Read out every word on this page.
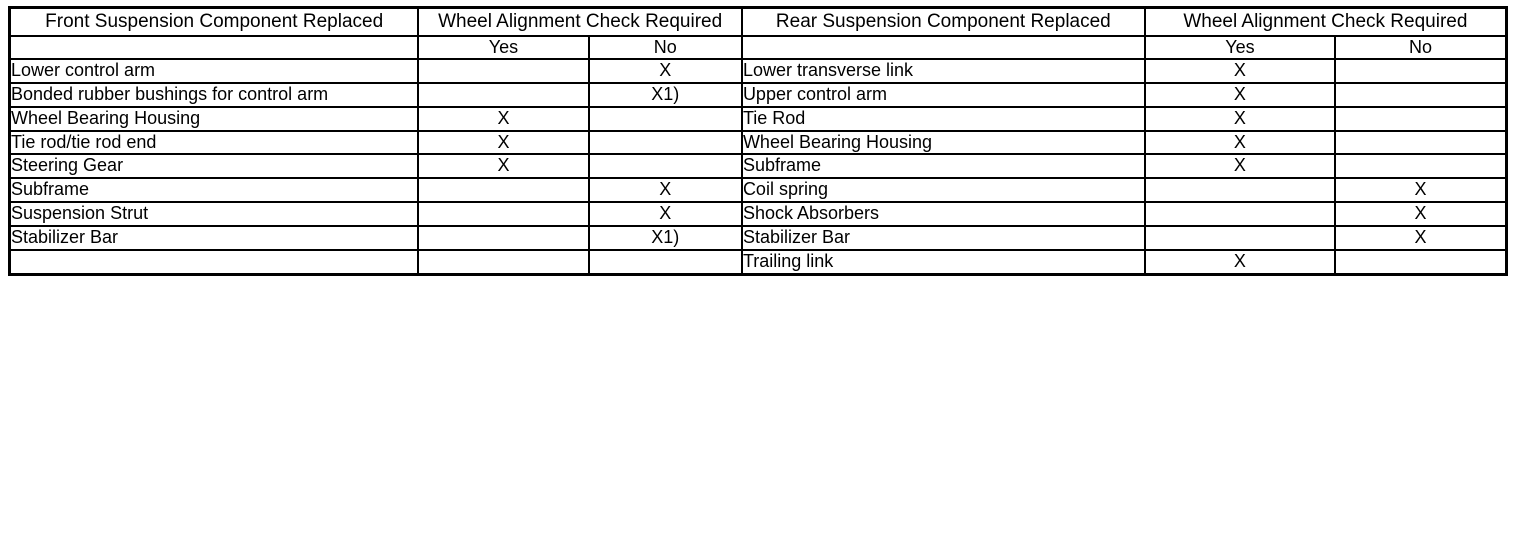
Front Suspension Component Replaced	Wheel Alignment Check Required		Rear Suspension Component Replaced	Wheel Alignment Check Required	
	Yes	No		Yes	No
Lower control arm		X	Lower transverse link	X	
Bonded rubber bushings for control arm		X1)	Upper control arm	X	
Wheel Bearing Housing	X		Tie Rod	X	
Tie rod/tie rod end	X		Wheel Bearing Housing	X	
Steering Gear	X		Subframe	X	
Subframe		X	Coil spring		X
Suspension Strut		X	Shock Absorbers		X
Stabilizer Bar		X1)	Stabilizer Bar		X
			Trailing link	X	
